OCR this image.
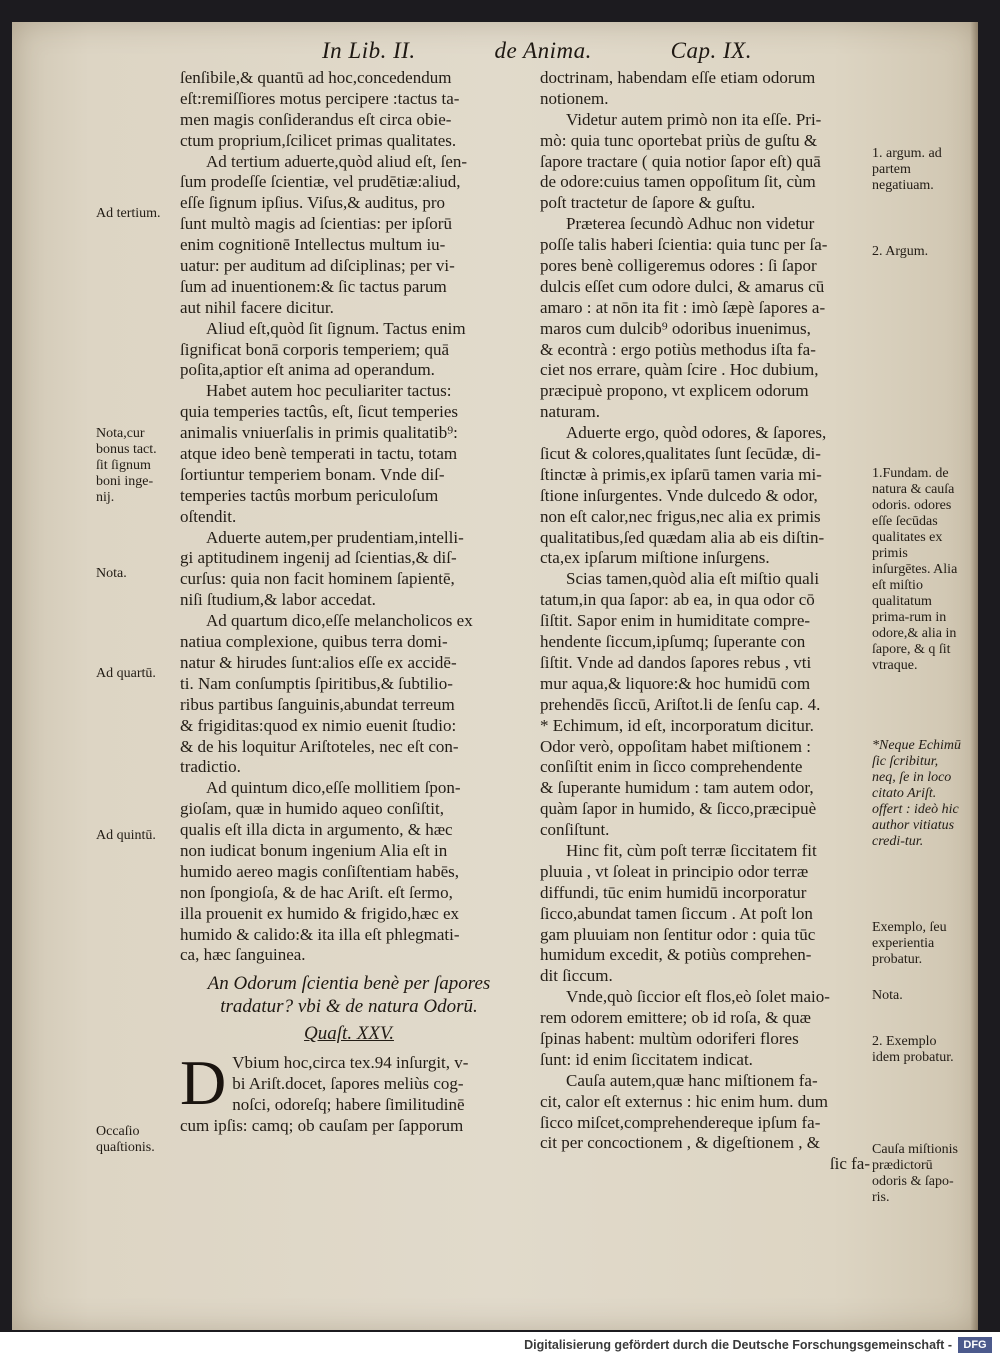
In Lib. II.	de Anima.	Cap. IX.
ſenſibile,& quantū ad hoc,concedendum
eſt:remiſſiores motus percipere :tactus ta-
men magis conſiderandus eſt circa obie-
ctum proprium,ſcilicet primas qualitates.
Ad tertium aduerte,quòd aliud eſt, ſen-
ſum prodeſſe ſcientiæ, vel prudētiæ:aliud,
eſſe ſignum ipſius. Viſus,& auditus, pro
ſunt multò magis ad ſcientias: per ipſorū
enim cognitionē Intellectus multum iu-
uatur: per auditum ad diſciplinas; per vi-
ſum ad inuentionem:& ſic tactus parum
aut nihil facere dicitur.
Aliud eſt,quòd ſit ſignum. Tactus enim
ſignificat bonā corporis temperiem; quā
poſita,aptior eſt anima ad operandum.
Habet autem hoc peculiariter tactus:
quia temperies tactûs, eſt, ſicut temperies
animalis vniuerſalis in primis qualitatib⁹:
atque ideo benè temperati in tactu, totam
ſortiuntur temperiem bonam. Vnde diſ-
temperies tactûs morbum periculoſum
oſtendit.
Aduerte autem,per prudentiam,intelli-
gi aptitudinem ingenij ad ſcientias,& diſ-
curſus: quia non facit hominem ſapientē,
niſi ſtudium,& labor accedat.
Ad quartum dico,eſſe melancholicos ex
natiua complexione, quibus terra domi-
natur & hirudes ſunt:alios eſſe ex accidē-
ti. Nam conſumptis ſpiritibus,& ſubtilio-
ribus partibus ſanguinis,abundat terreum
& frigiditas:quod ex nimio euenit ſtudio:
& de his loquitur Ariſtoteles, nec eſt con-
tradictio.
Ad quintum dico,eſſe mollitiem ſpon-
gioſam, quæ in humido aqueo conſiſtit,
qualis eſt illa dicta in argumento, & hæc
non iudicat bonum ingenium Alia eſt in
humido aereo magis conſiſtentiam habēs,
non ſpongioſa, & de hac Ariſt. eſt ſermo,
illa prouenit ex humido & frigido,hæc ex
humido & calido:& ita illa eſt phlegmati-
ca, hæc ſanguinea.
An Odorum ſcientia benè per ſapores
tradatur? vbi & de natura Odorū.
Quaſt. XXV.
D Vbium hoc,circa tex.94 inſurgit, v-
bi Ariſt.docet, ſapores meliùs cog-
noſci, odoreſq; habere ſimilitudinē
cum ipſis: camq; ob cauſam per ſapporum
doctrinam, habendam eſſe etiam odorum
notionem.
Videtur autem primò non ita eſſe. Pri-
mò: quia tunc oportebat priùs de guſtu &
ſapore tractare ( quia notior ſapor eſt) quā
de odore:cuius tamen oppoſitum ſit, cùm
poſt tractetur de ſapore & guſtu.
Præterea ſecundò Adhuc non videtur
poſſe talis haberi ſcientia: quia tunc per ſa-
pores benè colligeremus odores : ſi ſapor
dulcis eſſet cum odore dulci, & amarus cū
amaro : at nōn ita fit : imò ſæpè ſapores a-
maros cum dulcib⁹ odoribus inuenimus,
& econtrà : ergo potiùs methodus iſta fa-
ciet nos errare, quàm ſcire . Hoc dubium,
præcipuè propono, vt explicem odorum
naturam.
Aduerte ergo, quòd odores, & ſapores,
ſicut & colores,qualitates ſunt ſecūdæ, di-
ſtinctæ à primis,ex ipſarū tamen varia mi-
ſtione inſurgentes. Vnde dulcedo & odor,
non eſt calor,nec frigus,nec alia ex primis
qualitatibus,ſed quædam alia ab eis diſtin-
cta,ex ipſarum miſtione inſurgens.
Scias tamen,quòd alia eſt miſtio quali
tatum,in qua ſapor: ab ea, in qua odor cō
ſiſtit. Sapor enim in humiditate compre-
hendente ſiccum,ipſumq; ſuperante con
ſiſtit. Vnde ad dandos ſapores rebus , vti
mur aqua,& liquore:& hoc humidū com
prehendēs ſiccū, Ariſtot.li de ſenſu cap. 4.
* Echimum, id eſt, incorporatum dicitur.
Odor verò, oppoſitam habet miſtionem :
conſiſtit enim in ſicco comprehendente
& ſuperante humidum : tam autem odor,
quàm ſapor in humido, & ſicco,præcipuè
conſiſtunt.
Hinc fit, cùm poſt terræ ſiccitatem fit
pluuia , vt ſoleat in principio odor terræ
diffundi, tūc enim humidū incorporatur
ſicco,abundat tamen ſiccum . At poſt lon
gam pluuiam non ſentitur odor : quia tūc
humidum excedit, & potiùs comprehen-
dit ſiccum.
Vnde,quò ſiccior eſt flos,eò ſolet maio-
rem odorem emittere; ob id roſa, & quæ
ſpinas habent: multùm odoriferi flores
ſunt: id enim ſiccitatem indicat.
Cauſa autem,quæ hanc miſtionem fa-
cit, calor eſt externus : hic enim hum. dum
ſicco miſcet,comprehendereque ipſum fa-
cit per concoctionem , & digeſtionem , &
ſic fa-
Ad tertium.
Nota,cur
bonus tact.
ſit ſignum
boni inge-
nij.
Nota.
Ad quartū.
Ad quintū.
Occaſio
quaſtionis.
1. argum. ad partem negatiuam.
2. Argum.
1.Fundam. de natura & cauſa odoris. odores eſſe ſecūdas qualitates ex primis inſurgētes. Alia eſt miſtio qualitatum prima-rum in odore,& alia in ſapore, & q ſit vtraque.
*Neque Echimū ſic ſcribitur, neq, ſe in loco citato Ariſt. offert : ideò hic author vitiatus credi-tur.
Exemplo, ſeu experientia probatur.
Nota.
2. Exemplo idem probatur.
Cauſa miſtionis prædictorū odoris & ſapo-ris.
Digitalisierung gefördert durch die Deutsche Forschungsgemeinschaft -	DFG
